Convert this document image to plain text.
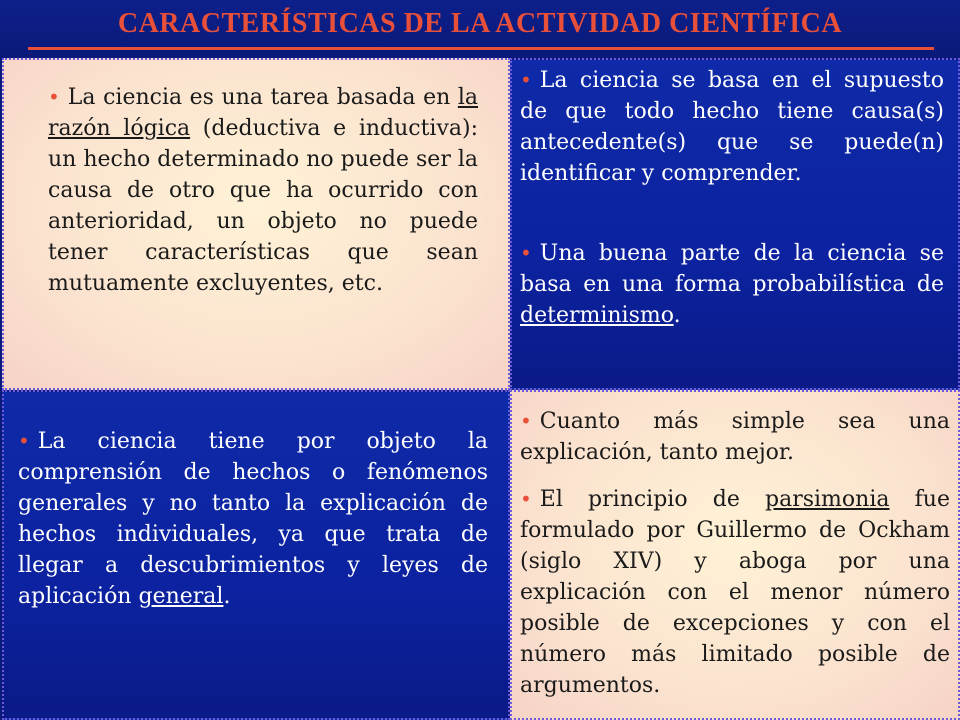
CARACTERÍSTICAS DE LA ACTIVIDAD CIENTÍFICA
• La ciencia es una tarea basada en la razón lógica (deductiva e inductiva): un hecho determinado no puede ser la causa de otro que ha ocurrido con anterioridad, un objeto no puede tener características que sean mutuamente excluyentes, etc.
• La ciencia se basa en el supuesto de que todo hecho tiene causa(s) antecedente(s) que se puede(n) identificar y comprender.
• Una buena parte de la ciencia se basa en una forma probabilística de determinismo.
• La ciencia tiene por objeto la comprensión de hechos o fenómenos generales y no tanto la explicación de hechos individuales, ya que trata de llegar a descubrimientos y leyes de aplicación general.
• Cuanto más simple sea una explicación, tanto mejor.
• El principio de parsimonia fue formulado por Guillermo de Ockham (siglo XIV) y aboga por una explicación con el menor número posible de excepciones y con el número más limitado posible de argumentos.
